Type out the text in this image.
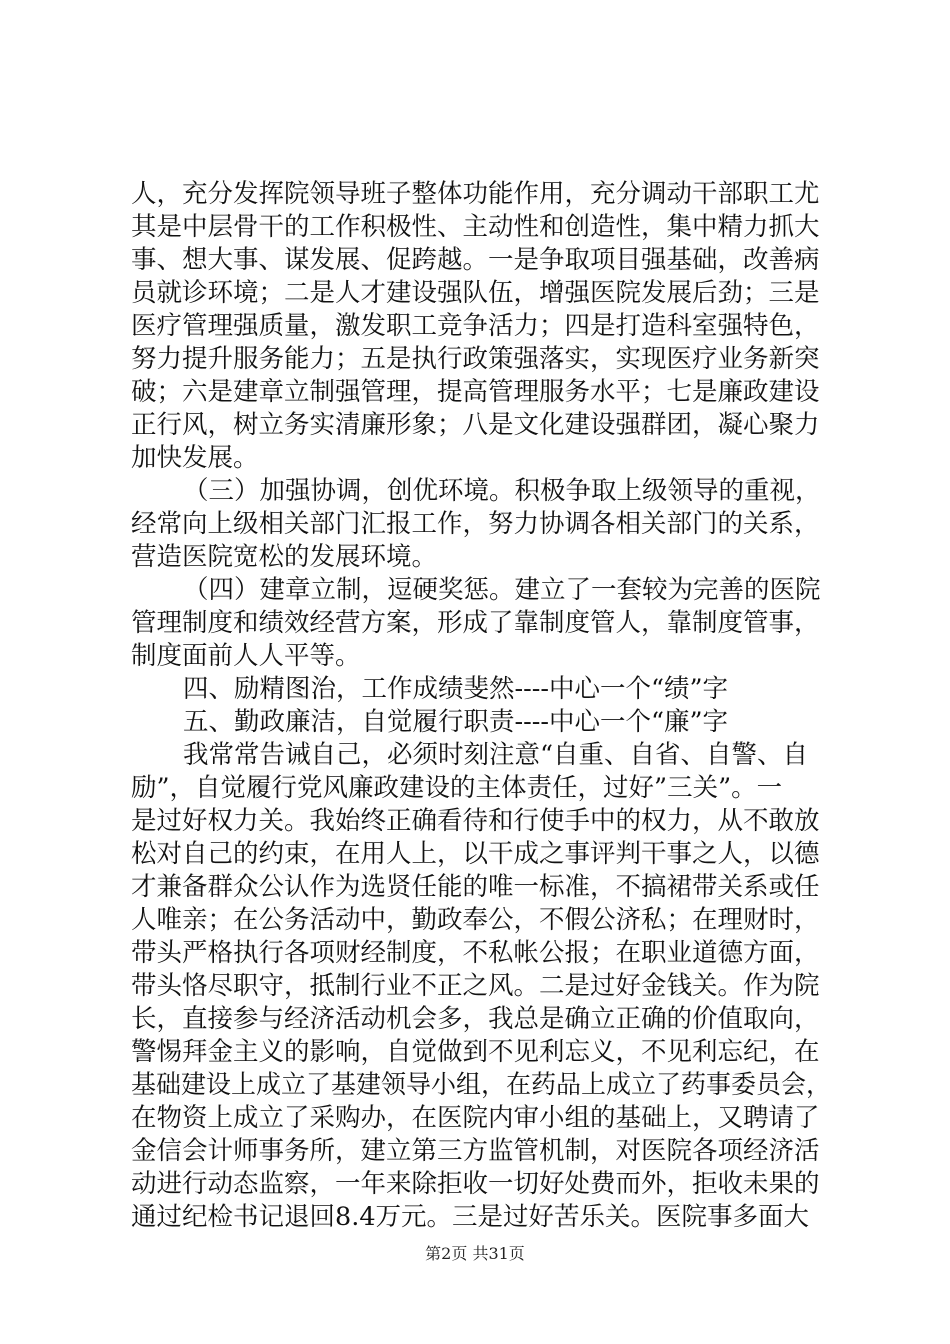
人，充分发挥院领导班子整体功能作用，充分调动干部职工尤
其是中层骨干的工作积极性、主动性和创造性，集中精力抓大
事、想大事、谋发展、促跨越。一是争取项目强基础，改善病
员就诊环境；二是人才建设强队伍，增强医院发展后劲；三是
医疗管理强质量，激发职工竞争活力；四是打造科室强特色，
努力提升服务能力；五是执行政策强落实，实现医疗业务新突
破；六是建章立制强管理，提高管理服务水平；七是廉政建设
正行风，树立务实清廉形象；八是文化建设强群团，凝心聚力
加快发展。
（三）加强协调，创优环境。积极争取上级领导的重视，
经常向上级相关部门汇报工作，努力协调各相关部门的关系，
营造医院宽松的发展环境。
（四）建章立制，逗硬奖惩。建立了一套较为完善的医院
管理制度和绩效经营方案，形成了靠制度管人，靠制度管事，
制度面前人人平等。
四、励精图治，工作成绩斐然----中心一个“绩”字
五、勤政廉洁，自觉履行职责----中心一个“廉”字
我常常告诫自己，必须时刻注意“自重、自省、自警、自
励”，自觉履行党风廉政建设的主体责任，过好”三关”。一
是过好权力关。我始终正确看待和行使手中的权力，从不敢放
松对自己的约束，在用人上，以干成之事评判干事之人，以德
才兼备群众公认作为选贤任能的唯一标准，不搞裙带关系或任
人唯亲；在公务活动中，勤政奉公，不假公济私；在理财时，
带头严格执行各项财经制度，不私帐公报；在职业道德方面，
带头恪尽职守，抵制行业不正之风。二是过好金钱关。作为院
长，直接参与经济活动机会多，我总是确立正确的价值取向，
警惕拜金主义的影响，自觉做到不见利忘义，不见利忘纪，在
基础建设上成立了基建领导小组，在药品上成立了药事委员会，
在物资上成立了采购办，在医院内审小组的基础上，又聘请了
金信会计师事务所，建立第三方监管机制，对医院各项经济活
动进行动态监察，一年来除拒收一切好处费而外，拒收未果的
通过纪检书记退回8.4万元。三是过好苦乐关。医院事多面大
第2页 共31页
